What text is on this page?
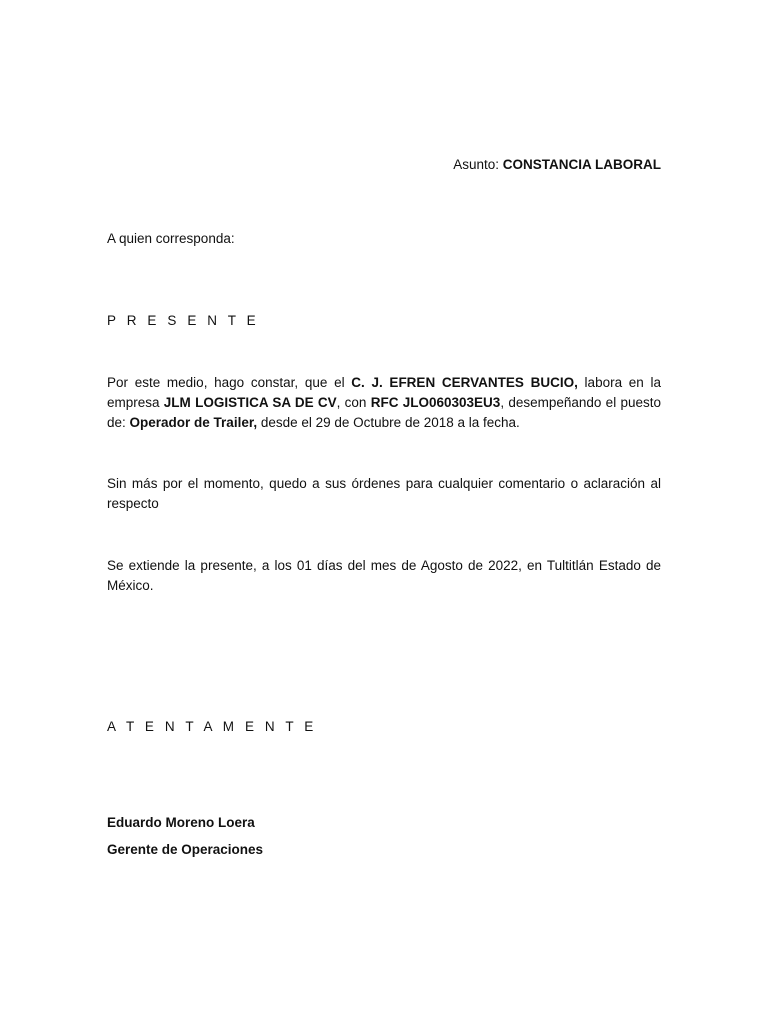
Asunto: CONSTANCIA LABORAL
A quien corresponda:
P R E S E N T E
Por este medio, hago constar, que el C. J. EFREN CERVANTES BUCIO, labora en la empresa JLM LOGISTICA SA DE CV, con RFC JLO060303EU3, desempeñando el puesto de: Operador de Trailer, desde el 29 de Octubre de 2018 a la fecha.
Sin más por el momento, quedo a sus órdenes para cualquier comentario o aclaración al respecto
Se extiende la presente, a los 01 días del mes de Agosto de 2022, en Tultitlán Estado de México.
A T E N T A M E N T E
Eduardo Moreno Loera
Gerente de Operaciones
